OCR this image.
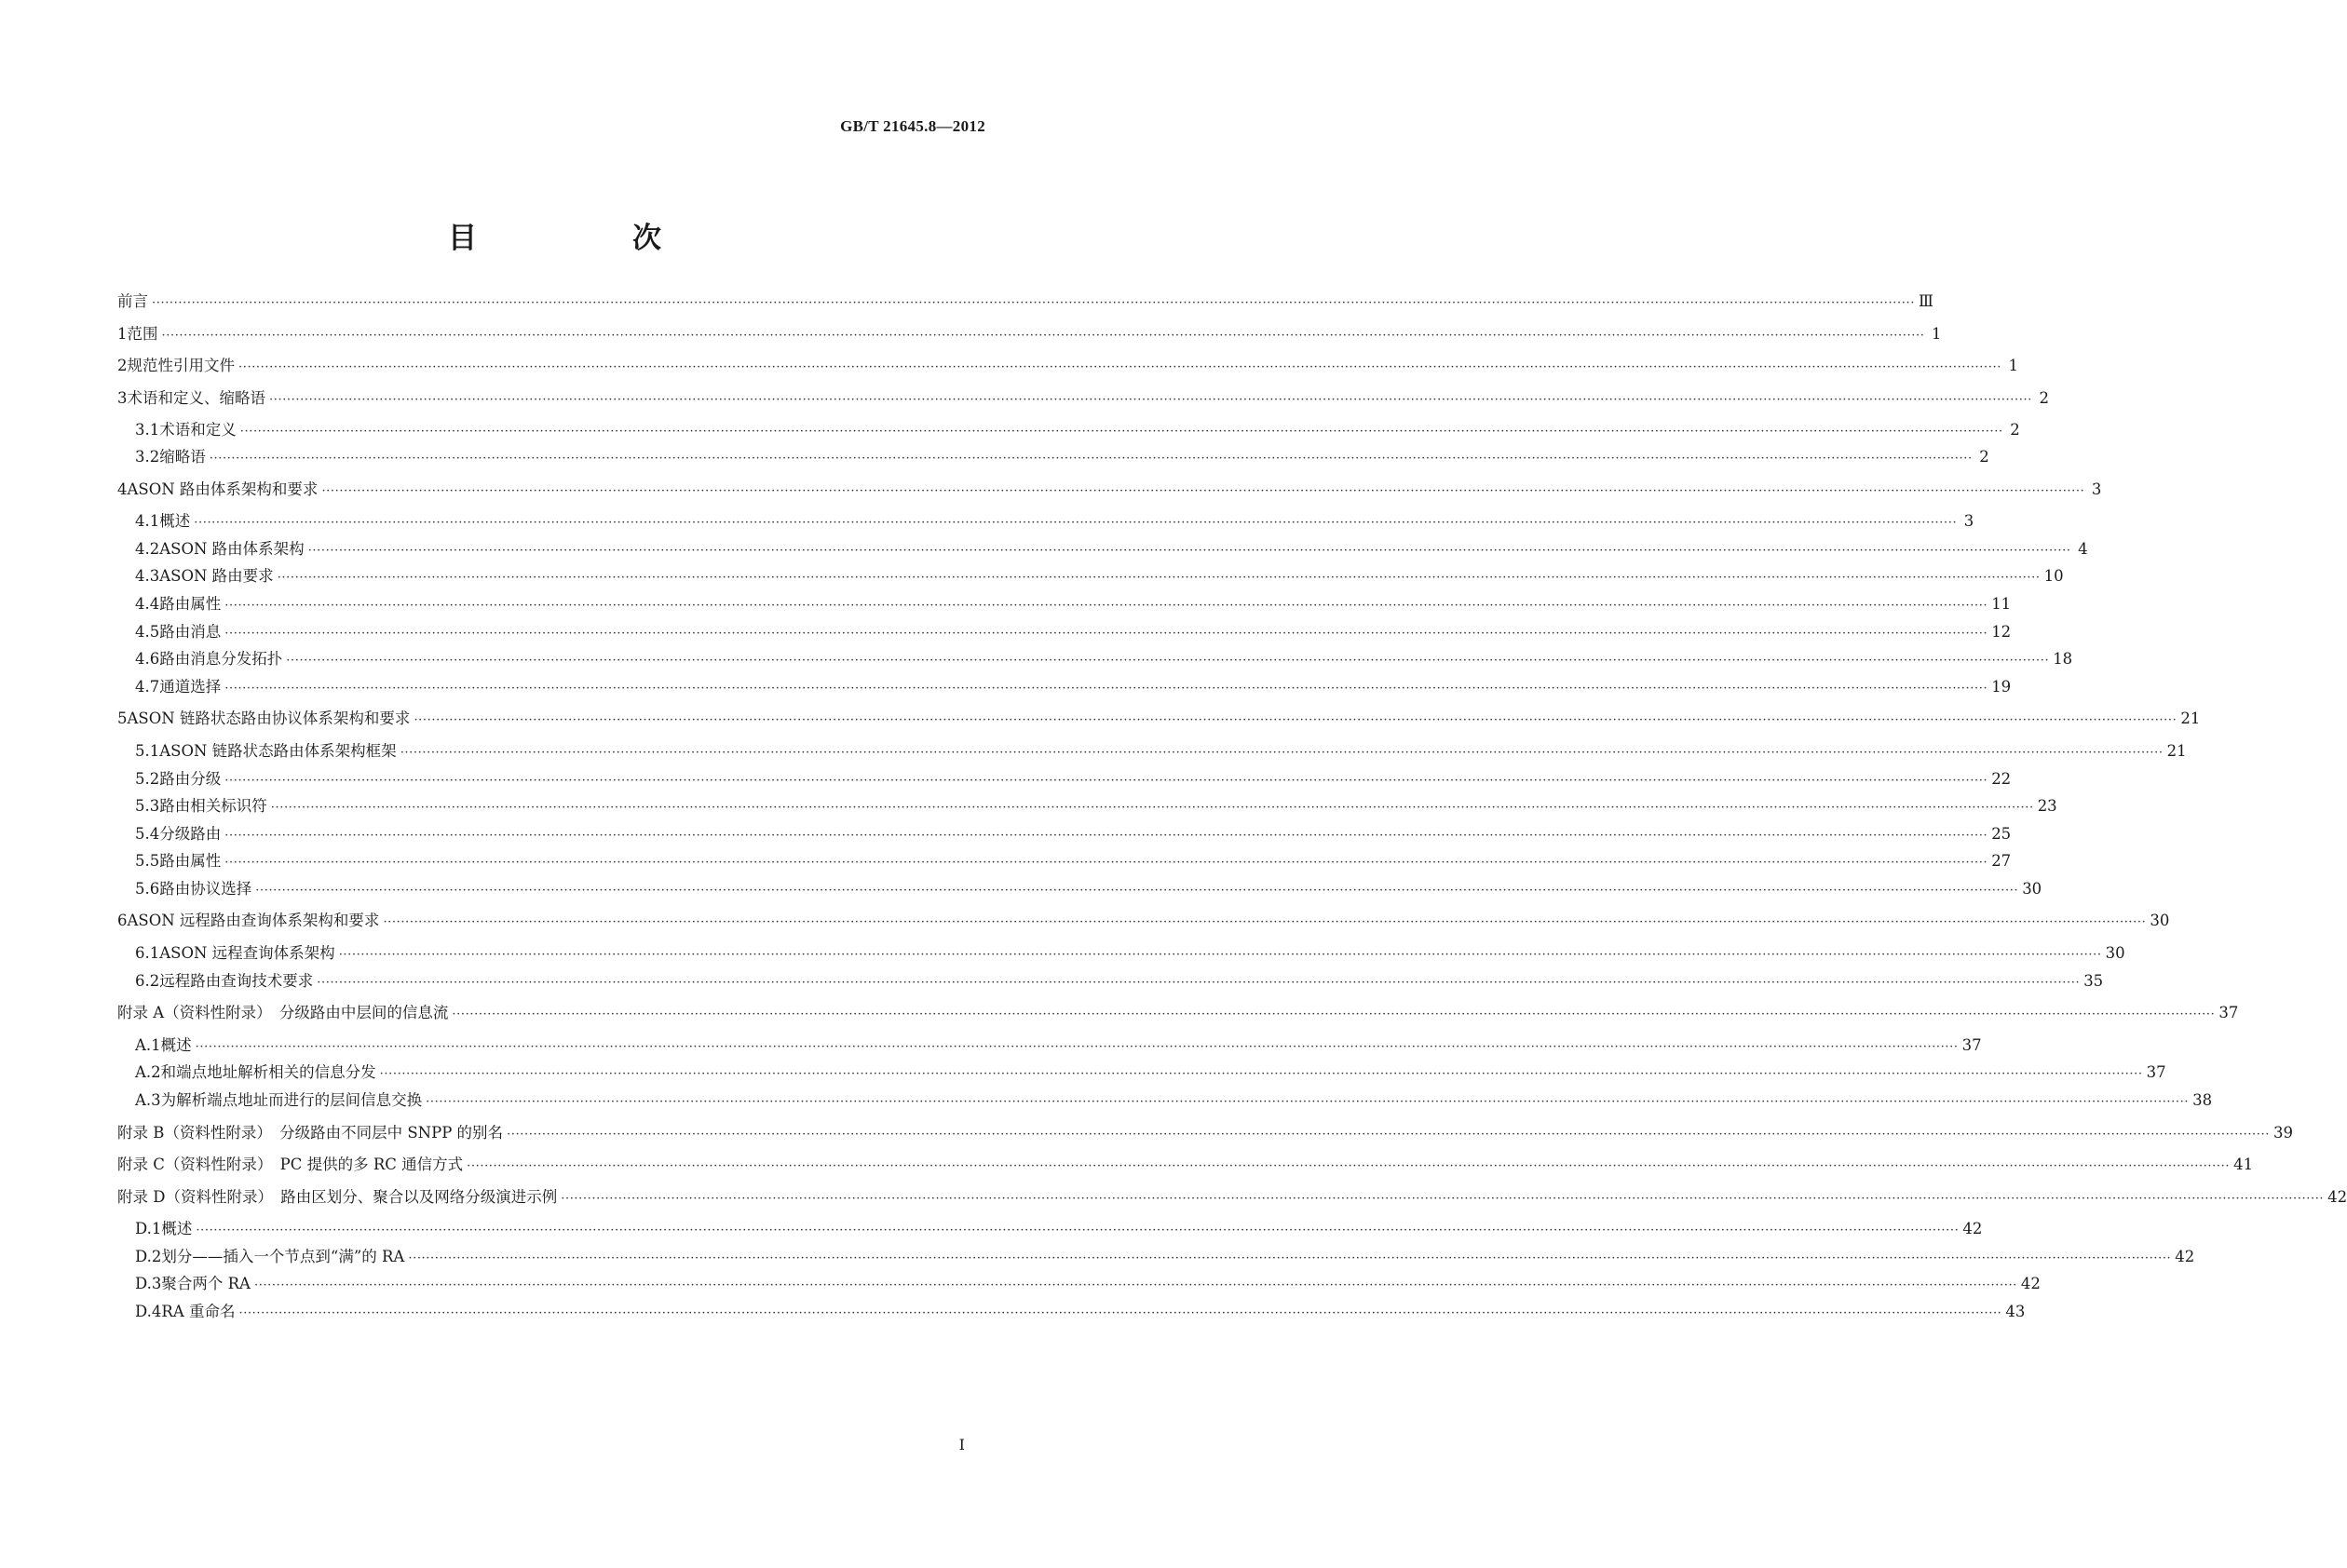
GB/T 21645.8—2012
目　次
前言 ················································································································································································································································································································································································································ Ⅲ
1 范围 ················································································································································································································································································································································································································ 1
2 规范性引用文件 ················································································································································································································································································································································································································ 1
3 术语和定义、缩略语 ················································································································································································································································································································································································································ 2
3.1 术语和定义 ················································································································································································································································································································································································································ 2
3.2 缩略语 ················································································································································································································································································································································································································ 2
4 ASON 路由体系架构和要求 ················································································································································································································································································································································································································ 3
4.1 概述 ················································································································································································································································································································································································································ 3
4.2 ASON 路由体系架构 ················································································································································································································································································································································································································ 4
4.3 ASON 路由要求 ················································································································································································································································································································································································································ 10
4.4 路由属性 ················································································································································································································································································································································································································ 11
4.5 路由消息 ················································································································································································································································································································································································································ 12
4.6 路由消息分发拓扑 ················································································································································································································································································································································································································ 18
4.7 通道选择 ················································································································································································································································································································································································································ 19
5 ASON 链路状态路由协议体系架构和要求 ················································································································································································································································································································································································································ 21
5.1 ASON 链路状态路由体系架构框架 ················································································································································································································································································································································································································ 21
5.2 路由分级 ················································································································································································································································································································································································································ 22
5.3 路由相关标识符 ················································································································································································································································································································································································································ 23
5.4 分级路由 ················································································································································································································································································································································································································ 25
5.5 路由属性 ················································································································································································································································································································································································································ 27
5.6 路由协议选择 ················································································································································································································································································································································································································ 30
6 ASON 远程路由查询体系架构和要求 ················································································································································································································································································································································································································ 30
6.1 ASON 远程查询体系架构 ················································································································································································································································································································································································································ 30
6.2 远程路由查询技术要求 ················································································································································································································································································································································································································ 35
附录 A（资料性附录）　分级路由中层间的信息流 ················································································································································································································································································································································································································ 37
A.1 概述 ················································································································································································································································································································································································································ 37
A.2 和端点地址解析相关的信息分发 ················································································································································································································································································································································································································ 37
A.3 为解析端点地址而进行的层间信息交换 ················································································································································································································································································································································································································ 38
附录 B（资料性附录）　分级路由不同层中 SNPP 的别名 ················································································································································································································································································································································································································ 39
附录 C（资料性附录）　PC 提供的多 RC 通信方式 ················································································································································································································································································································································································································ 41
附录 D（资料性附录）　路由区划分、聚合以及网络分级演进示例 ················································································································································································································································································································································································································ 42
D.1 概述 ················································································································································································································································································································································································································ 42
D.2 划分——插入一个节点到“满”的 RA ················································································································································································································································································································································································································ 42
D.3 聚合两个 RA ················································································································································································································································································································································································································ 42
D.4 RA 重命名 ················································································································································································································································································································································································································ 43
I
